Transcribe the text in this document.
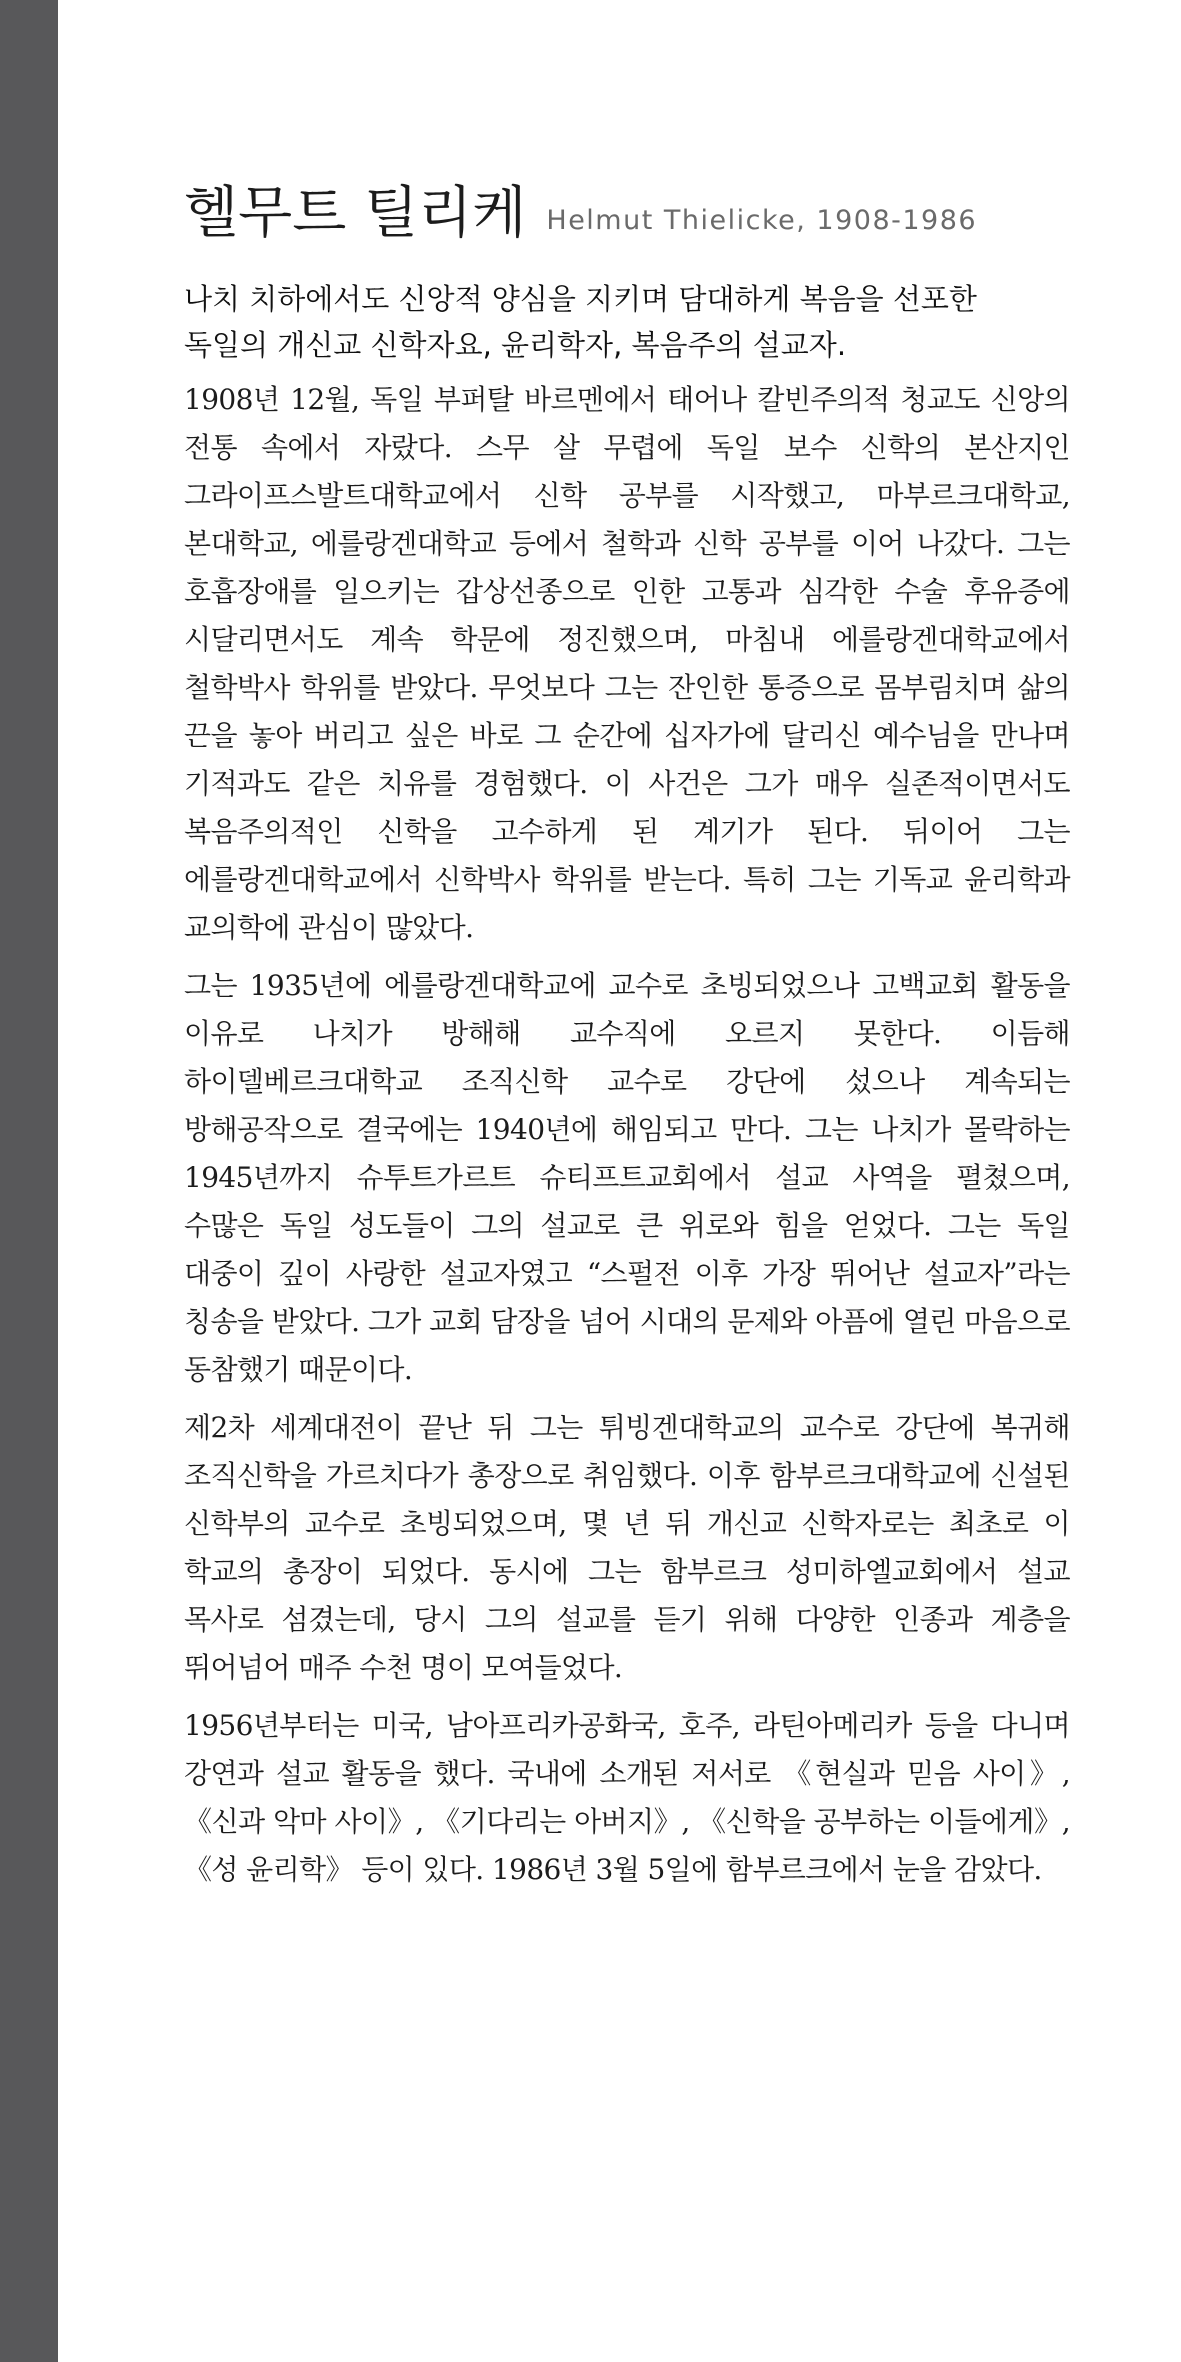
헬무트 틸리케 Helmut Thielicke, 1908-1986
나치 치하에서도 신앙적 양심을 지키며 담대하게 복음을 선포한
독일의 개신교 신학자요, 윤리학자, 복음주의 설교자.

1908년 12월, 독일 부퍼탈 바르멘에서 태어나 칼빈주의적 청교도 신앙의 전통 속에서 자랐다. 스무 살 무렵에 독일 보수 신학의 본산지인 그라이프스발트대학교에서 신학 공부를 시작했고, 마부르크대학교, 본대학교, 에를랑겐대학교 등에서 철학과 신학 공부를 이어 나갔다. 그는 호흡장애를 일으키는 갑상선종으로 인한 고통과 심각한 수술 후유증에 시달리면서도 계속 학문에 정진했으며, 마침내 에를랑겐대학교에서 철학박사 학위를 받았다. 무엇보다 그는 잔인한 통증으로 몸부림치며 삶의 끈을 놓아 버리고 싶은 바로 그 순간에 십자가에 달리신 예수님을 만나며 기적과도 같은 치유를 경험했다. 이 사건은 그가 매우 실존적이면서도 복음주의적인 신학을 고수하게 된 계기가 된다. 뒤이어 그는 에를랑겐대학교에서 신학박사 학위를 받는다. 특히 그는 기독교 윤리학과 교의학에 관심이 많았다.

그는 1935년에 에를랑겐대학교에 교수로 초빙되었으나 고백교회 활동을 이유로 나치가 방해해 교수직에 오르지 못한다. 이듬해 하이델베르크대학교 조직신학 교수로 강단에 섰으나 계속되는 방해공작으로 결국에는 1940년에 해임되고 만다. 그는 나치가 몰락하는 1945년까지 슈투트가르트 슈티프트교회에서 설교 사역을 펼쳤으며, 수많은 독일 성도들이 그의 설교로 큰 위로와 힘을 얻었다. 그는 독일 대중이 깊이 사랑한 설교자였고 “스펄전 이후 가장 뛰어난 설교자”라는 칭송을 받았다. 그가 교회 담장을 넘어 시대의 문제와 아픔에 열린 마음으로 동참했기 때문이다.

제2차 세계대전이 끝난 뒤 그는 튀빙겐대학교의 교수로 강단에 복귀해 조직신학을 가르치다가 총장으로 취임했다. 이후 함부르크대학교에 신설된 신학부의 교수로 초빙되었으며, 몇 년 뒤 개신교 신학자로는 최초로 이 학교의 총장이 되었다. 동시에 그는 함부르크 성미하엘교회에서 설교 목사로 섬겼는데, 당시 그의 설교를 듣기 위해 다양한 인종과 계층을 뛰어넘어 매주 수천 명이 모여들었다.

1956년부터는 미국, 남아프리카공화국, 호주, 라틴아메리카 등을 다니며 강연과 설교 활동을 했다. 국내에 소개된 저서로 《현실과 믿음 사이》, 《신과 악마 사이》, 《기다리는 아버지》, 《신학을 공부하는 이들에게》, 《성 윤리학》 등이 있다. 1986년 3월 5일에 함부르크에서 눈을 감았다.
